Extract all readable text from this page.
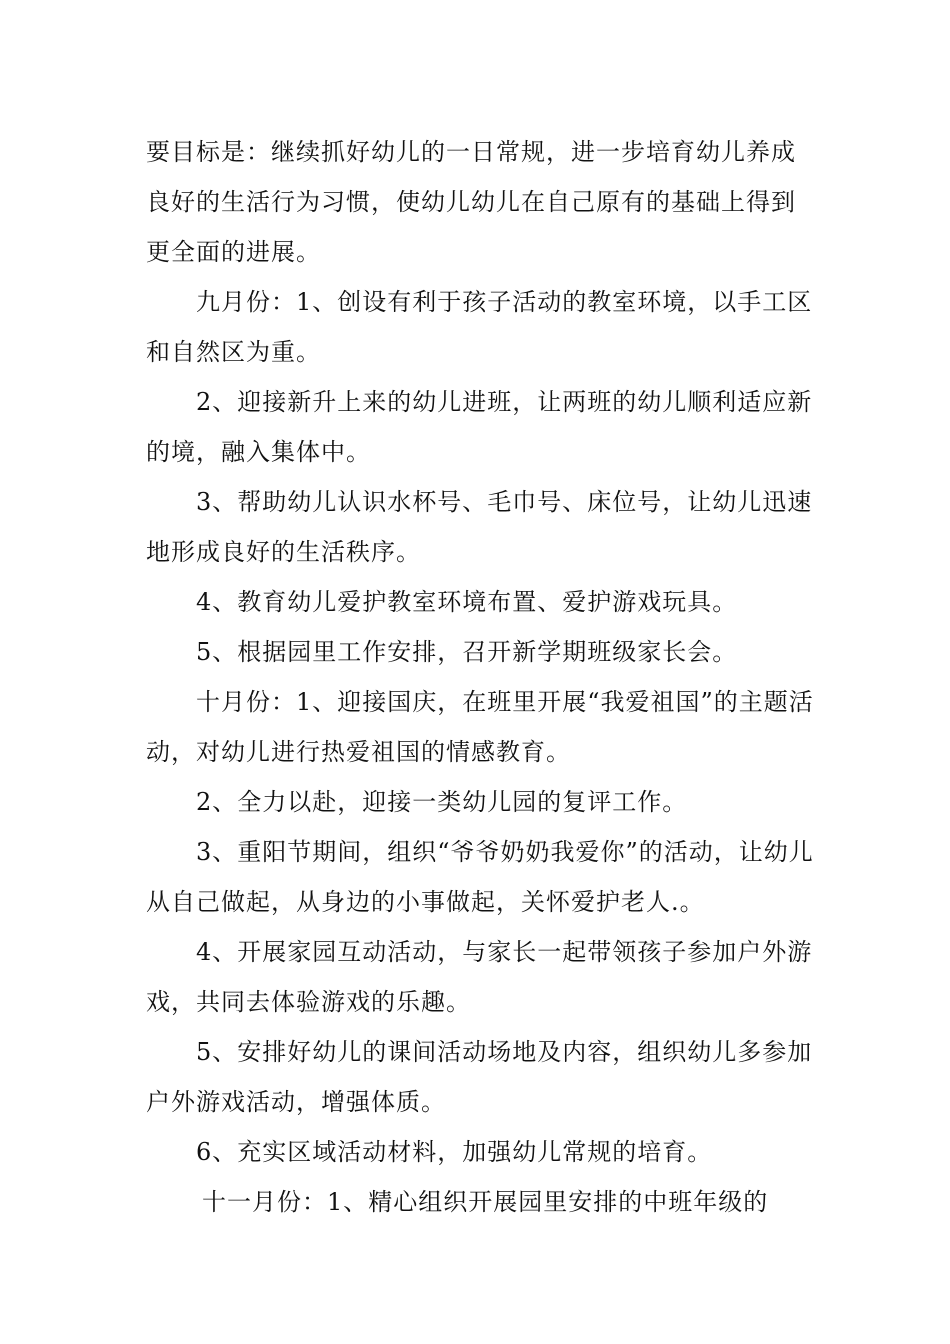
要目标是：继续抓好幼儿的一日常规，进一步培育幼儿养成良好的生活行为习惯，使幼儿幼儿在自己原有的基础上得到更全面的进展。

九月份：1、创设有利于孩子活动的教室环境，以手工区和自然区为重。

2、迎接新升上来的幼儿进班，让两班的幼儿顺利适应新的境，融入集体中。

3、帮助幼儿认识水杯号、毛巾号、床位号，让幼儿迅速地形成良好的生活秩序。

4、教育幼儿爱护教室环境布置、爱护游戏玩具。

5、根据园里工作安排，召开新学期班级家长会。

十月份：1、迎接国庆，在班里开展“我爱祖国”的主题活动，对幼儿进行热爱祖国的情感教育。

2、全力以赴，迎接一类幼儿园的复评工作。

3、重阳节期间，组织“爷爷奶奶我爱你”的活动，让幼儿从自己做起，从身边的小事做起，关怀爱护老人.。

4、开展家园互动活动，与家长一起带领孩子参加户外游戏，共同去体验游戏的乐趣。

5、安排好幼儿的课间活动场地及内容，组织幼儿多参加户外游戏活动，增强体质。

6、充实区域活动材料，加强幼儿常规的培育。

十一月份：1、精心组织开展园里安排的中班年级的
